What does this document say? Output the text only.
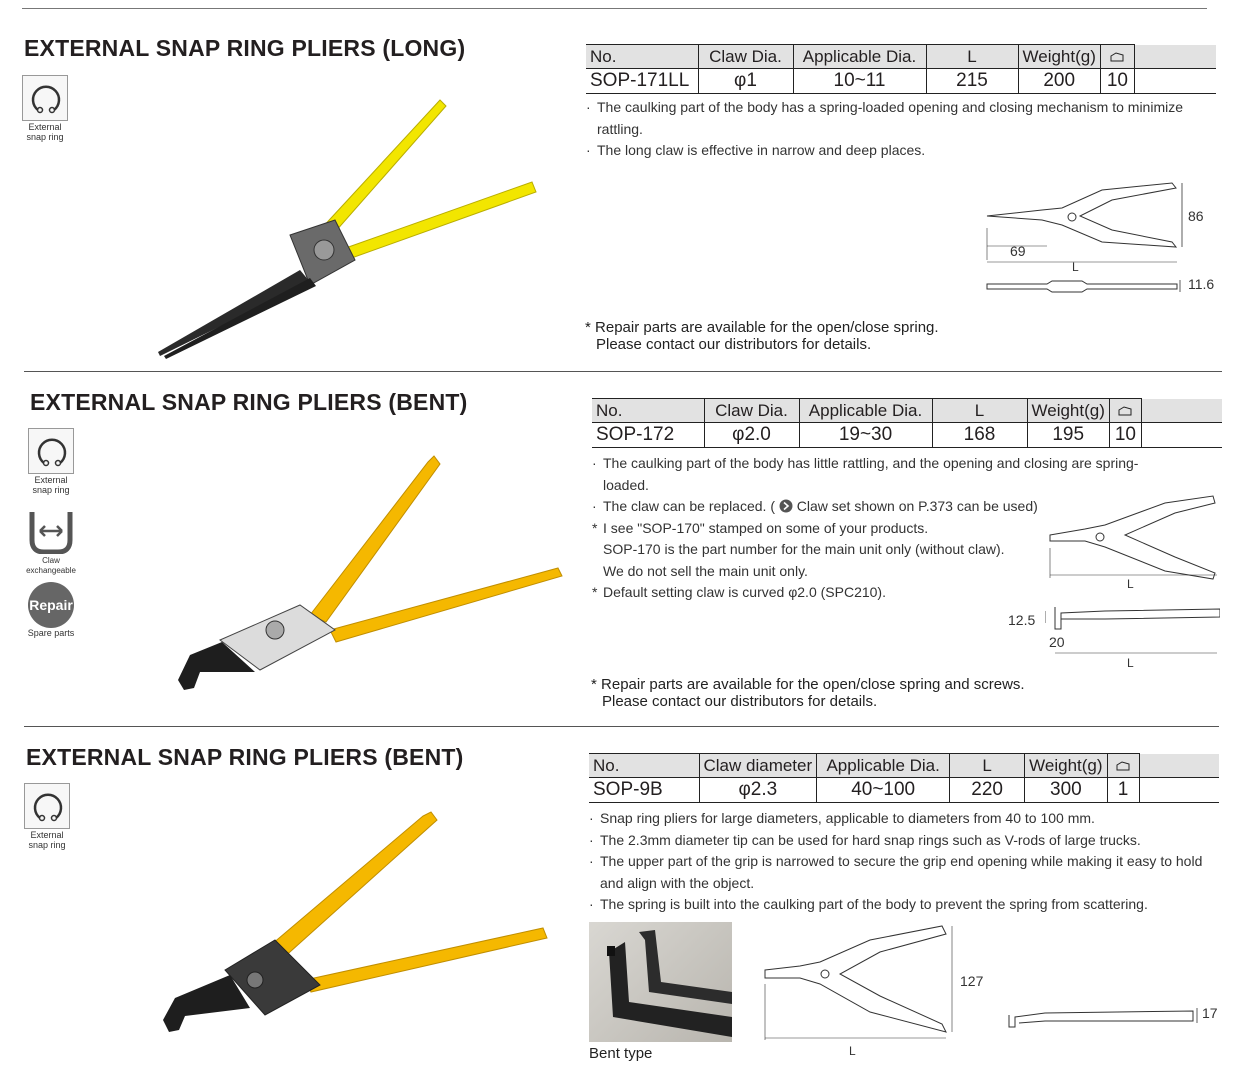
EXTERNAL SNAP RING PLIERS (LONG)
External
snap ring
No.	Claw Dia.	Applicable Dia.	L	Weight(g)		
SOP-171LL	φ1	10~11	215	200	10	
· The caulking part of the body has a spring-loaded opening and closing mechanism to minimize rattling.
· The long claw is effective in narrow and deep places.
86
69
L
11.6
* Repair parts are available for the open/close spring.
Please contact our distributors for details.
EXTERNAL SNAP RING PLIERS (BENT)
External
snap ring
Claw exchangeable
Repair
Spare parts
No.	Claw Dia.	Applicable Dia.	L	Weight(g)		
SOP-172	φ2.0	19~30	168	195	10	
· The caulking part of the body has little rattling, and the opening and closing are spring-loaded.
· The claw can be replaced. ( Claw set shown on P.373 can be used)
* I see "SOP-170" stamped on some of your products.
SOP-170 is the part number for the main unit only (without claw).
We do not sell the main unit only.
* Default setting claw is curved φ2.0 (SPC210).	L
12.5
20
L
* Repair parts are available for the open/close spring and screws.
Please contact our distributors for details.
EXTERNAL SNAP RING PLIERS (BENT)
External
snap ring
No.	Claw diameter	Applicable Dia.	L	Weight(g)		
SOP-9B	φ2.3	40~100	220	300	1	
· Snap ring pliers for large diameters, applicable to diameters from 40 to 100 mm.
· The 2.3mm diameter tip can be used for hard snap rings such as V-rods of large trucks.
· The upper part of the grip is narrowed to secure the grip end opening while making it easy to hold and align with the object.
· The spring is built into the caulking part of the body to prevent the spring from scattering.
Bent type
127
L
17
